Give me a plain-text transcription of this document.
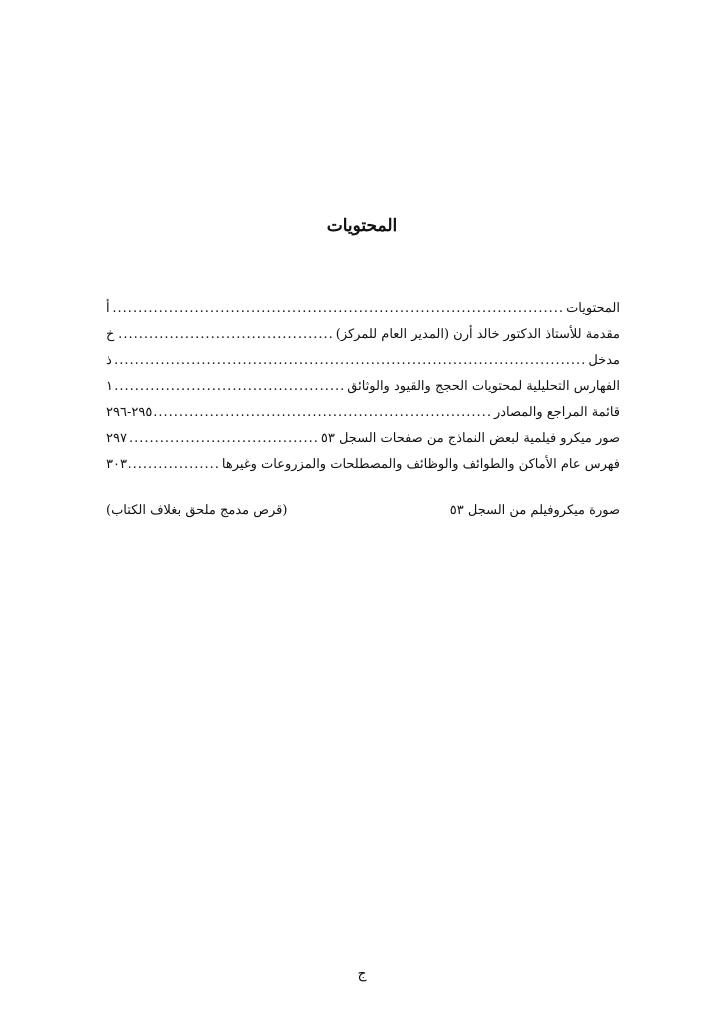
المحتويات
المحتويات
.....
أ
مقدمة للأستاذ الدكتور خالد أرن (المدير العام للمركز)
.....
خ
مدخل
.....
ذ
الفهارس التحليلية لمحتويات الحجج والقيود والوثائق
.....
١
قائمة المراجع والمصادر
.....
٢٩٥-٢٩٦
صور ميكرو فيلمية لبعض النماذج من صفحات السجل ٥٣
.....
٢٩٧
فهرس عام الأماكن والطوائف والوظائف والمصطلحات والمزروعات وغيرها
.....
٣٠٣
صورة ميكروفيلم من السجل ٥٣
(قرص مدمج ملحق بغلاف الكتاب)
ج
